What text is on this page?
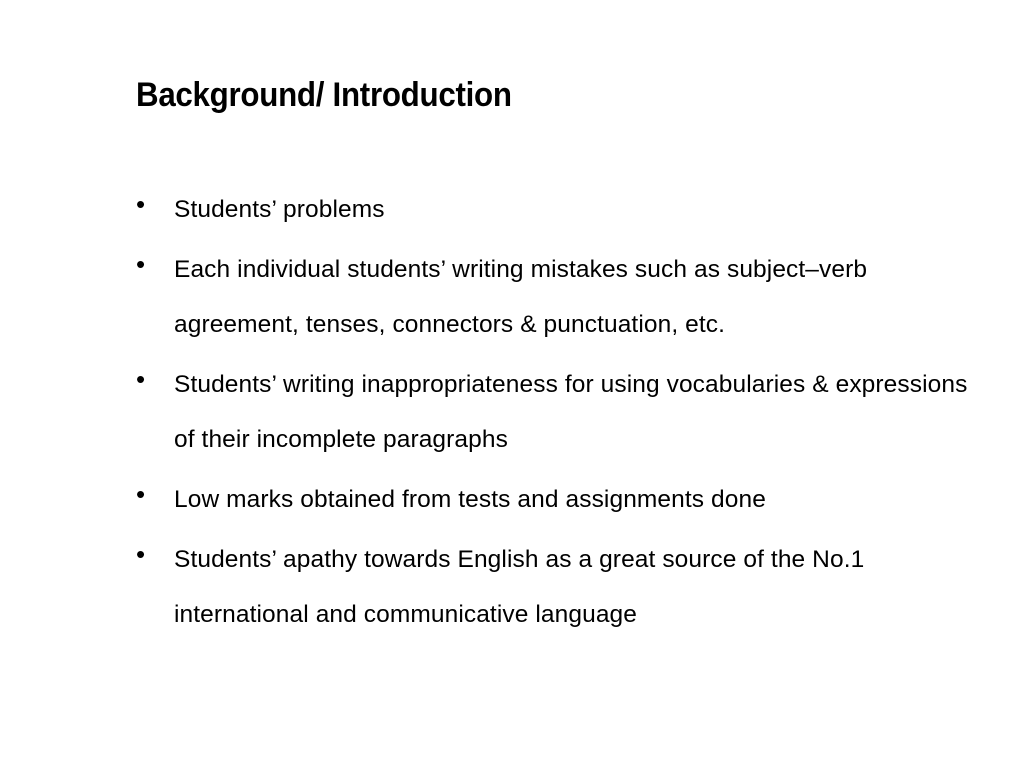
Background/ Introduction
• Students’ problems
• Each individual students’ writing mistakes such as subject–verb agreement, tenses, connectors & punctuation, etc.
• Students’ writing inappropriateness for using vocabularies & expressions of their incomplete paragraphs
• Low marks obtained from tests and assignments done
• Students’ apathy towards English as a great source of the No.1 international and communicative language
